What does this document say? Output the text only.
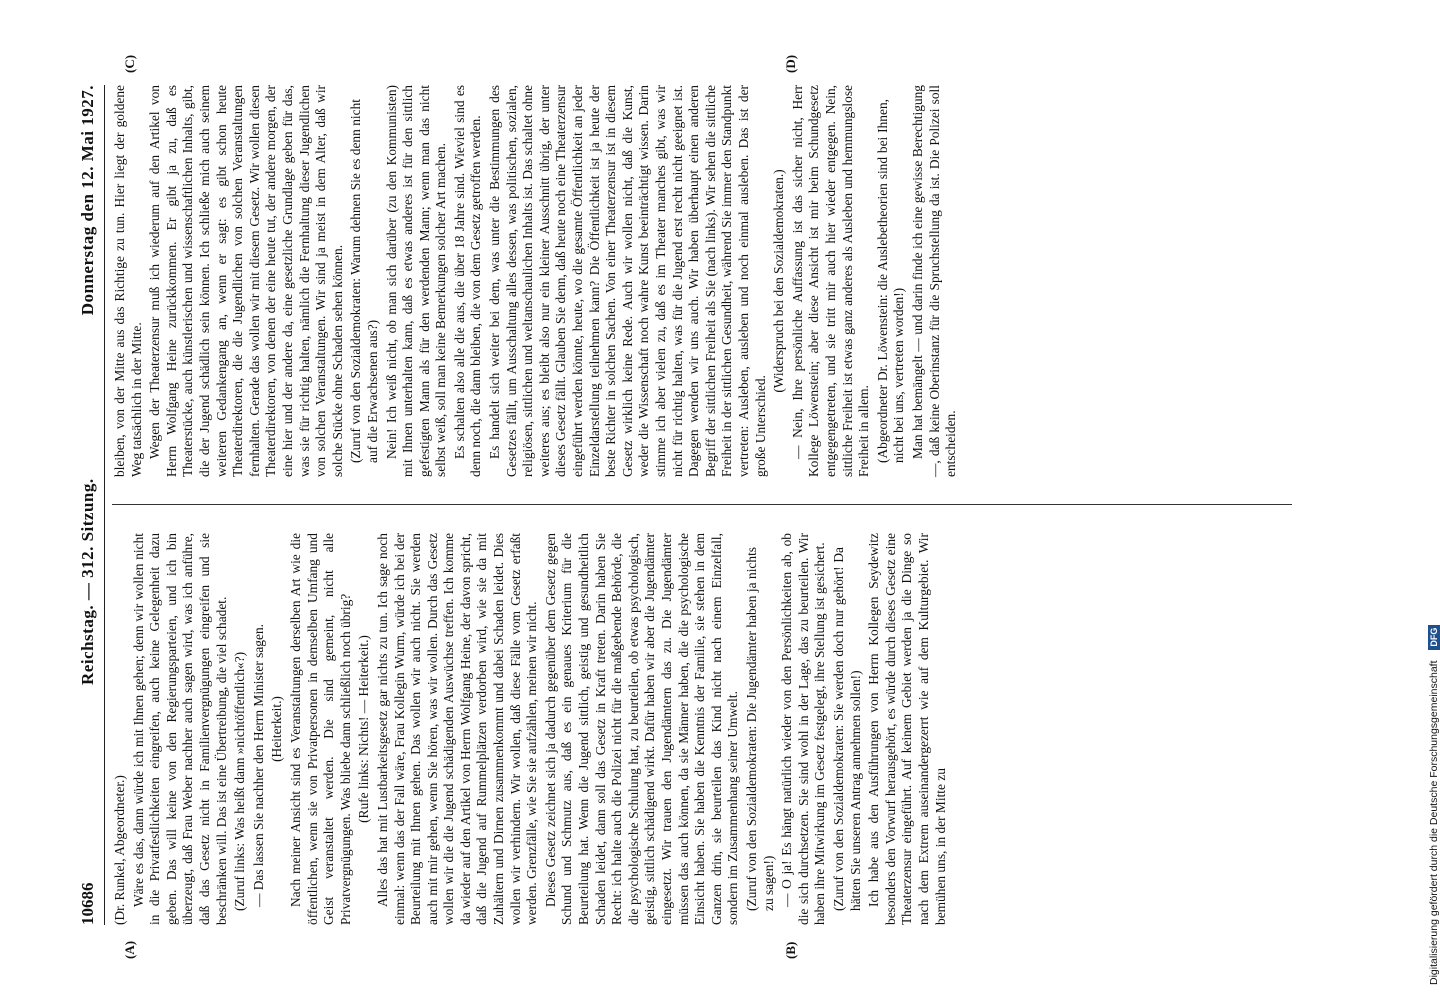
10686
Reichstag. — 312. Sitzung.
Donnerstag den 12. Mai 1927.
(A)	(B)
(C)	(D)

(Dr. Runkel, Abgeordneter.) Wäre es das, dann würde ich mit Ihnen gehen; denn wir wollen nicht in die Privatfestlichkeiten eingreifen, auch keine Gelegenheit dazu geben. Das will keine von den Regierungsparteien, und ich bin überzeugt, daß Frau Weber nachher auch sagen wird, was ich anführe, daß das Gesetz nicht in Familienvergnügungen eingreifen und sie beschränken will. Das ist eine Übertreibung, die viel schadet. (Zuruf links: Was heißt dann »nichtöffentlich«?) — Das lassen Sie nachher den Herrn Minister sagen. (Heiterkeit.) Nach meiner Ansicht sind es Veranstaltungen derselben Art wie die öffentlichen, wenn sie von Privatpersonen in demselben Umfang und Geist veranstaltet werden. Die sind gemeint, nicht alle Privatvergnügungen. Was bliebe dann schließlich noch übrig? (Rufe links: Nichts! — Heiterkeit.) Alles das hat mit Lustbarkeitsgesetz gar nichts zu tun. Ich sage noch einmal: wenn das der Fall wäre, Frau Kollegin Wurm, würde ich bei der Beurteilung mit Ihnen gehen. Das wollen wir auch nicht. Sie werden auch mit mir gehen, wenn Sie hören, was wir wollen. Durch das Gesetz wollen wir die die Jugend schädigenden Auswüchse treffen. Ich komme da wieder auf den Artikel von Herrn Wolfgang Heine, der davon spricht, daß die Jugend auf Rummelplätzen verdorben wird, wie sie da mit Zuhältern und Dirnen zusammenkommt und dabei Schaden leidet. Dies wollen wir verhindern. Wir wollen, daß diese Fälle vom Gesetz erfaßt werden. Grenzfälle, wie Sie sie aufzählen, meinen wir nicht. Dieses Gesetz zeichnet sich ja dadurch gegenüber dem Gesetz gegen Schund und Schmutz aus, daß es ein genaues Kriterium für die Beurteilung hat. Wenn die Jugend sittlich, geistig und gesundheitlich Schaden leidet, dann soll das Gesetz in Kraft treten. Darin haben Sie Recht: ich halte auch die Polizei nicht für die maßgebende Behörde, die die psychologische Schulung hat, zu beurteilen, ob etwas psychologisch, geistig, sittlich schädigend wirkt. Dafür haben wir aber die Jugendämter eingesetzt. Wir trauen den Jugendämtern das zu. Die Jugendämter müssen das auch können, da sie Männer haben, die die psychologische Einsicht haben. Sie haben die Kenntnis der Familie, sie stehen in dem Ganzen drin, sie beurteilen das Kind nicht nach einem Einzelfall, sondern im Zusammenhang seiner Umwelt. (Zuruf von den Sozialdemokraten: Die Jugendämter haben ja nichts zu sagen!) — O ja! Es hängt natürlich wieder von den Persönlichkeiten ab, ob die sich durchsetzen. Sie sind wohl in der Lage, das zu beurteilen. Wir haben ihre Mitwirkung im Gesetz festgelegt, ihre Stellung ist gesichert. (Zuruf von den Sozialdemokraten: Sie werden doch nur gehört! Da hätten Sie unseren Antrag annehmen sollen!) Ich habe aus den Ausführungen von Herrn Kollegen Seydewitz besonders den Vorwurf herausgehört, es würde durch dieses Gesetz eine Theaterzensur eingeführt. Auf keinem Gebiet werden ja die Dinge so nach dem Extrem auseinandergezerrt wie auf dem Kulturgebiet. Wir bemühen uns, in der Mitte zu

bleiben, von der Mitte aus das Richtige zu tun. Hier liegt der goldene Weg tatsächlich in der Mitte. Wegen der Theaterzensur muß ich wiederum auf den Artikel von Herrn Wolfgang Heine zurückkommen. Er gibt ja zu, daß es Theaterstücke, auch künstlerischen und wissenschaftlichen Inhalts, gibt, die der Jugend schädlich sein können. Ich schließe mich auch seinem weiteren Gedankengang an, wenn er sagt: es gibt schon heute Theaterdirektoren, die die Jugendlichen von solchen Veranstaltungen fernhalten. Gerade das wollen wir mit diesem Gesetz. Wir wollen diesen Theaterdirektoren, von denen der eine heute tut, der andere morgen, der eine hier und der andere da, eine gesetzliche Grundlage geben für das, was sie für richtig halten, nämlich die Fernhaltung dieser Jugendlichen von solchen Veranstaltungen. Wir sind ja meist in dem Alter, daß wir solche Stücke ohne Schaden sehen können. (Zuruf von den Sozialdemokraten: Warum dehnen Sie es denn nicht auf die Erwachsenen aus?) Nein! Ich weiß nicht, ob man sich darüber (zu den Kommunisten) mit Ihnen unterhalten kann, daß es etwas anderes ist für den sittlich gefestigten Mann als für den werdenden Mann; wenn man das nicht selbst weiß, soll man keine Bemerkungen solcher Art machen. Es schalten also alle die aus, die über 18 Jahre sind. Wieviel sind es denn noch, die dann bleiben, die von dem Gesetz getroffen werden. Es handelt sich weiter bei dem, was unter die Bestimmungen des Gesetzes fällt, um Ausschaltung alles dessen, was politischen, sozialen, religiösen, sittlichen und weltanschaulichen Inhalts ist. Das schaltet ohne weiteres aus; es bleibt also nur ein kleiner Ausschnitt übrig, der unter dieses Gesetz fällt. Glauben Sie denn, daß heute noch eine Theaterzensur eingeführt werden könnte, heute, wo die gesamte Öffentlichkeit an jeder Einzeldarstellung teilnehmen kann? Die Öffentlichkeit ist ja heute der beste Richter in solchen Sachen. Von einer Theaterzensur ist in diesem Gesetz wirklich keine Rede. Auch wir wollen nicht, daß die Kunst, weder die Wissenschaft noch wahre Kunst beeinträchtigt wissen. Darin stimme ich aber vielen zu, daß es im Theater manches gibt, was wir nicht für richtig halten, was für die Jugend erst recht nicht geeignet ist. Dagegen wenden wir uns auch. Wir haben überhaupt einen anderen Begriff der sittlichen Freiheit als Sie (nach links). Wir sehen die sittliche Freiheit in der sittlichen Gesundheit, während Sie immer den Standpunkt vertreten: Ausleben, ausleben und noch einmal ausleben. Das ist der große Unterschied.

(Widerspruch bei den Sozialdemokraten.) — Nein, Ihre persönliche Auffassung ist das sicher nicht, Herr Kollege Löwenstein; aber diese Ansicht ist mir beim Schundgesetz entgegengetreten, und sie tritt mir auch hier wieder entgegen. Nein, sittliche Freiheit ist etwas ganz anderes als Ausleben und hemmungslose Freiheit in allem. (Abgeordneter Dr. Löwenstein: die Auslebetheorien sind bei Ihnen, nicht bei uns, vertreten worden!) Man hat bemängelt — und darin finde ich eine gewisse Berechtigung —, daß keine Oberinstanz für die Spruchstellung da ist. Die Polizei soll entscheiden.

Digitalisierung gefördert durch die Deutsche Forschungsgemeinschaft DFG
